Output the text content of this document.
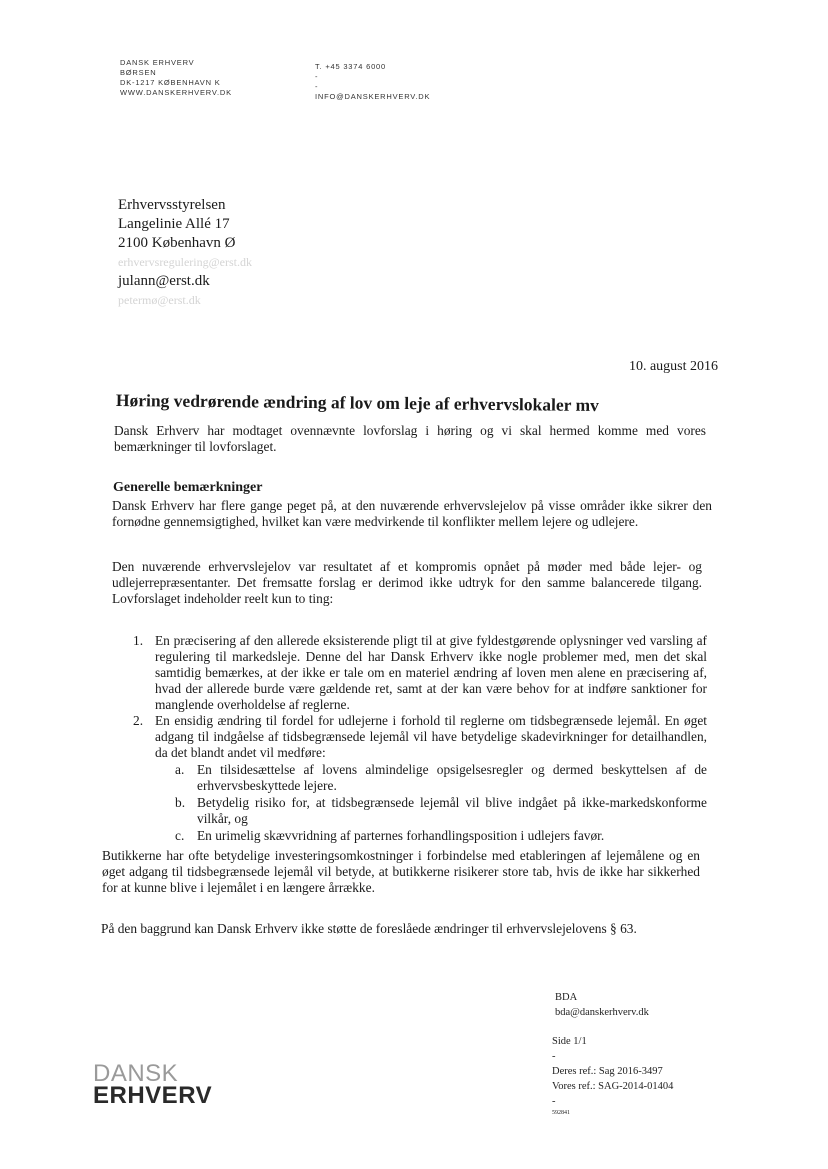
DANSK ERHVERV
BØRSEN
DK-1217 KØBENHAVN K
WWW.DANSKERHVERV.DK
T. +45 3374 6000
-
-
INFO@DANSKERHVERV.DK
Erhvervsstyrelsen
Langelinie Allé 17
2100 København Ø
erhvervsregulering@erst.dk
julann@erst.dk
petermø@erst.dk
10. august 2016
Høring vedrørende ændring af lov om leje af erhvervslokaler mv
Dansk Erhverv har modtaget ovennævnte lovforslag i høring og vi skal hermed komme med vores bemærkninger til lovforslaget.
Generelle bemærkninger
Dansk Erhverv har flere gange peget på, at den nuværende erhvervslejelov på visse områder ikke sikrer den fornødne gennemsigtighed, hvilket kan være medvirkende til konflikter mellem lejere og udlejere.
Den nuværende erhvervslejelov var resultatet af et kompromis opnået på møder med både lejer- og udlejerrepræsentanter. Det fremsatte forslag er derimod ikke udtryk for den samme balancerede tilgang. Lovforslaget indeholder reelt kun to ting:
1. En præcisering af den allerede eksisterende pligt til at give fyldestgørende oplysninger ved varsling af regulering til markedsleje. Denne del har Dansk Erhverv ikke nogle problemer med, men det skal samtidig bemærkes, at der ikke er tale om en materiel ændring af loven men alene en præcisering af, hvad der allerede burde være gældende ret, samt at der kan være behov for at indføre sanktioner for manglende overholdelse af reglerne.
2. En ensidig ændring til fordel for udlejerne i forhold til reglerne om tidsbegrænsede lejemål. En øget adgang til indgåelse af tidsbegrænsede lejemål vil have betydelige skadevirkninger for detailhandlen, da det blandt andet vil medføre:
a. En tilsidesættelse af lovens almindelige opsigelsesregler og dermed beskyttelsen af de erhvervsbeskyttede lejere.
b. Betydelig risiko for, at tidsbegrænsede lejemål vil blive indgået på ikke-markedskonforme vilkår, og
c. En urimelig skævvridning af parternes forhandlingsposition i udlejers favør.
Butikkerne har ofte betydelige investeringsomkostninger i forbindelse med etableringen af lejemålene og en øget adgang til tidsbegrænsede lejemål vil betyde, at butikkerne risikerer store tab, hvis de ikke har sikkerhed for at kunne blive i lejemålet i en længere årrække.
På den baggrund kan Dansk Erhverv ikke støtte de foreslåede ændringer til erhvervslejelovens § 63.
BDA
bda@danskerhverv.dk
Side 1/1
-
Deres ref.: Sag 2016-3497
Vores ref.: SAG-2014-01404
-
592841
DANSK
ERHVERV
